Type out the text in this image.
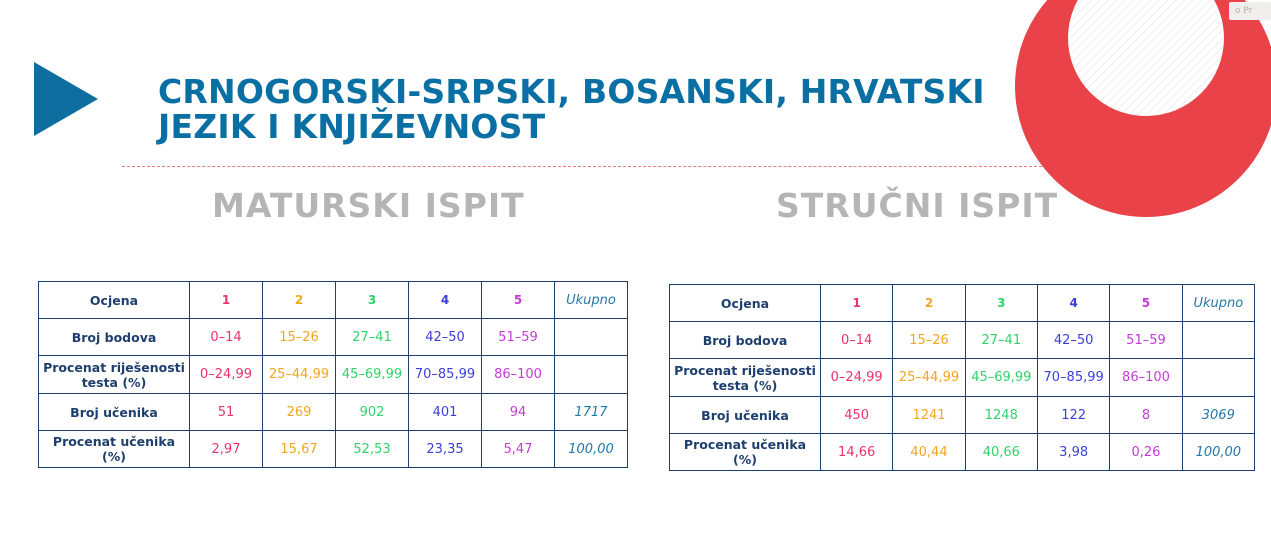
CRNOGORSKI-SRPSKI, BOSANSKI, HRVATSKI
JEZIK I KNJIŽEVNOST
o Pr
MATURSKI ISPIT	STRUČNI ISPIT
Ocjena	1	2	3	4	5	Ukupno
Broj bodova	0–14	15–26	27–41	42–50	51–59	
Procenat riješenosti testa (%)	0–24,99	25–44,99	45–69,99	70–85,99	86–100	
Broj učenika	51	269	902	401	94	1717
Procenat učenika (%)	2,97	15,67	52,53	23,35	5,47	100,00
Ocjena	1	2	3	4	5	Ukupno
Broj bodova	0–14	15–26	27–41	42–50	51–59	
Procenat riješenosti testa (%)	0–24,99	25–44,99	45–69,99	70–85,99	86–100	
Broj učenika	450	1241	1248	122	8	3069
Procenat učenika (%)	14,66	40,44	40,66	3,98	0,26	100,00
